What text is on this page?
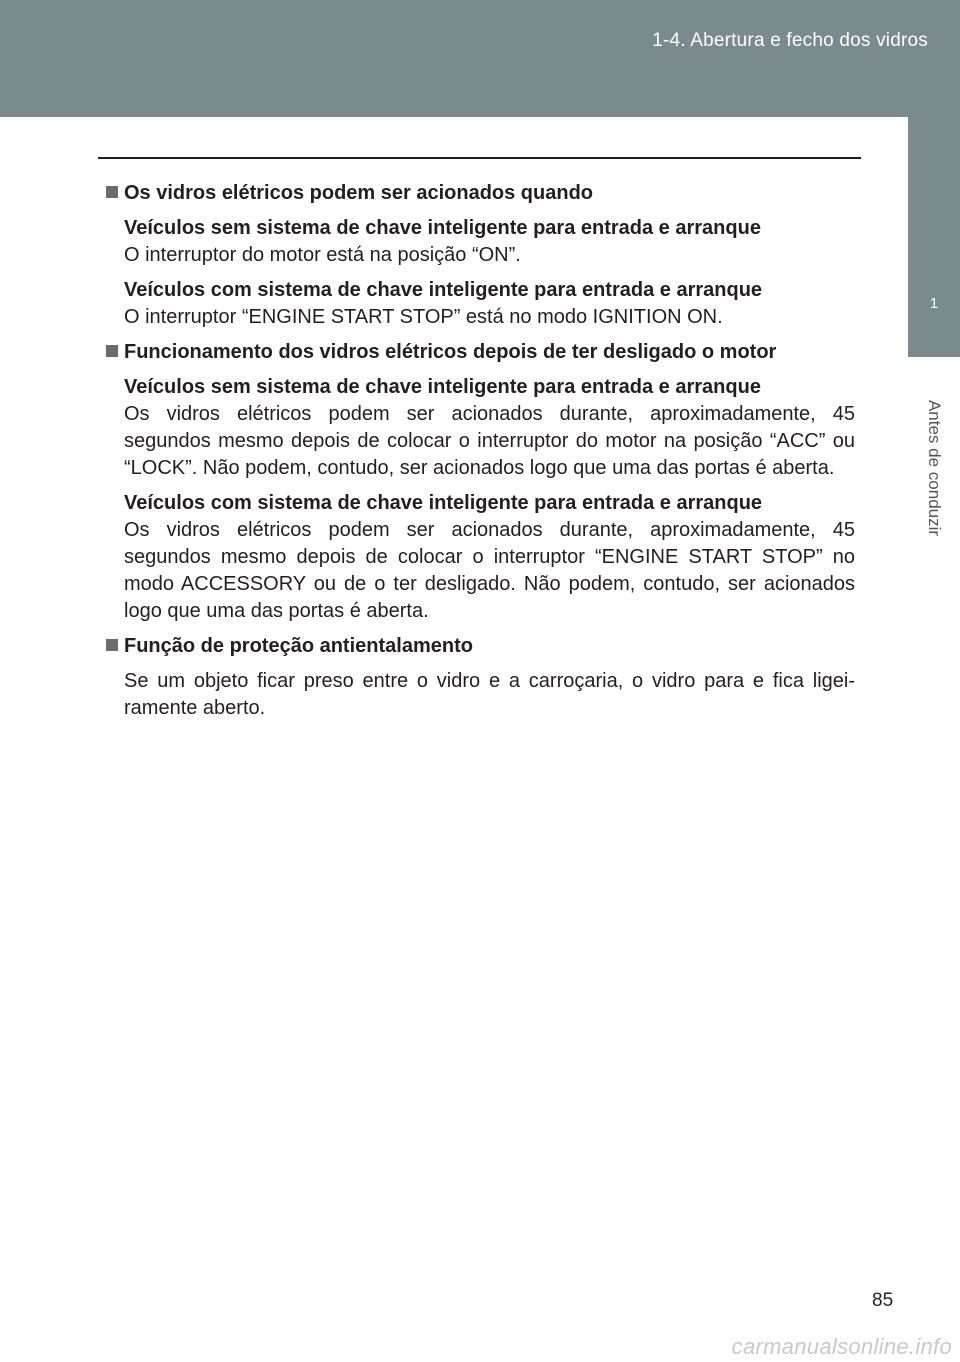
1-4. Abertura e fecho dos vidros
1
Antes de conduzir
Os vidros elétricos podem ser acionados quando
Veículos sem sistema de chave inteligente para entrada e arranque
O interruptor do motor está na posição “ON”.
Veículos com sistema de chave inteligente para entrada e arranque
O interruptor “ENGINE START STOP” está no modo IGNITION ON.
Funcionamento dos vidros elétricos depois de ter desligado o motor
Veículos sem sistema de chave inteligente para entrada e arranque
Os vidros elétricos podem ser acionados durante, aproximadamente, 45 segundos mesmo depois de colocar o interruptor do motor na posição “ACC” ou “LOCK”. Não podem, contudo, ser acionados logo que uma das portas é aberta.
Veículos com sistema de chave inteligente para entrada e arranque
Os vidros elétricos podem ser acionados durante, aproximadamente, 45 segundos mesmo depois de colocar o interruptor “ENGINE START STOP” no modo ACCESSORY ou de o ter desligado. Não podem, contudo, ser acionados logo que uma das portas é aberta.
Função de proteção antientalamento
Se um objeto ficar preso entre o vidro e a carroçaria, o vidro para e fica ligei-ramente aberto.
85
carmanualsonline.info
